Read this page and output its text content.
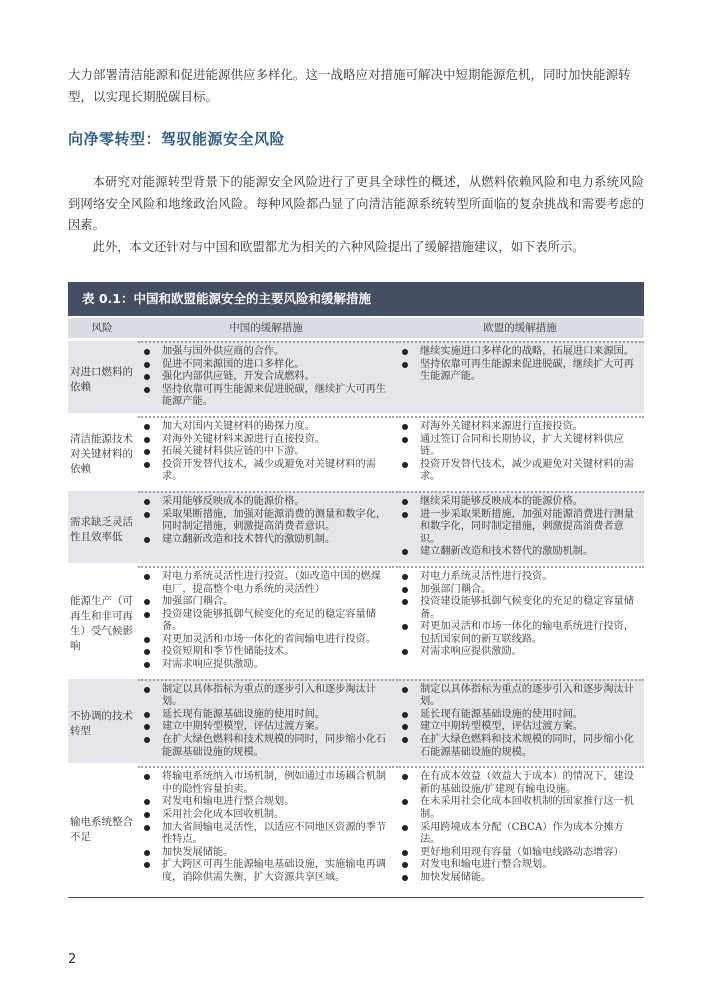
大力部署清洁能源和促进能源供应多样化。这一战略应对措施可解决中短期能源危机，同时加快能源转型，以实现长期脱碳目标。
向净零转型：驾驭能源安全风险

本研究对能源转型背景下的能源安全风险进行了更具全球性的概述，从燃料依赖风险和电力系统风险到网络安全风险和地缘政治风险。每种风险都凸显了向清洁能源系统转型所面临的复杂挑战和需要考虑的因素。

此外，本文还针对与中国和欧盟都尤为相关的六种风险提出了缓解措施建议，如下表所示。

表 0.1：中国和欧盟能源安全的主要风险和缓解措施
风险	中国的缓解措施	欧盟的缓解措施
对进口燃料的依赖
加强与国外供应商的合作。
促进不同来源国的进口多样化。
强化内部供应链，开发合成燃料。
坚持依靠可再生能源来促进脱碳，继续扩大可再生能源产能。
继续实施进口多样化的战略，拓展进口来源国。
坚持依靠可再生能源来促进脱碳，继续扩大可再生能源产能。
清洁能源技术对关键材料的依赖
加大对国内关键材料的勘探力度。
对海外关键材料来源进行直接投资。
拓展关键材料供应链的中下游。
投资开发替代技术，减少或避免对关键材料的需求。
对海外关键材料来源进行直接投资。
通过签订合同和长期协议，扩大关键材料供应链。
投资开发替代技术，减少或避免对关键材料的需求。
需求缺乏灵活性且效率低
采用能够反映成本的能源价格。
采取果断措施，加强对能源消费的测量和数字化，同时制定措施，刺激提高消费者意识。
建立翻新改造和技术替代的激励机制。
继续采用能够反映成本的能源价格。
进一步采取果断措施，加强对能源消费进行测量和数字化，同时制定措施，刺激提高消费者意识。
建立翻新改造和技术替代的激励机制。
能源生产（可再生和非可再生）受气候影响
对电力系统灵活性进行投资。（如改造中国的燃煤电厂，提高整个电力系统的灵活性）
加强部门耦合。
投资建设能够抵御气候变化的充足的稳定容量储备。
对更加灵活和市场一体化的省间输电进行投资。
投资短期和季节性储能技术。
对需求响应提供激励。
对电力系统灵活性进行投资。
加强部门耦合。
投资建设能够抵御气候变化的充足的稳定容量储备。
对更加灵活和市场一体化的输电系统进行投资，包括国家间的新互联线路。
对需求响应提供激励。
不协调的技术转型
制定以具体指标为重点的逐步引入和逐步淘汰计划。
延长现有能源基础设施的使用时间。
建立中期转型模型，评估过渡方案。
在扩大绿色燃料和技术规模的同时，同步缩小化石能源基础设施的规模。
制定以具体指标为重点的逐步引入和逐步淘汰计划。
延长现有能源基础设施的使用时间。
建立中期转型模型，评估过渡方案。
在扩大绿色燃料和技术规模的同时，同步缩小化石能源基础设施的规模。
输电系统整合不足
将输电系统纳入市场机制，例如通过市场耦合机制中的隐性容量拍卖。
对发电和输电进行整合规划。
采用社会化成本回收机制。
加大省间输电灵活性，以适应不同地区资源的季节性特点。
加快发展储能。
扩大跨区可再生能源输电基础设施，实施输电再调度，消除供需失衡，扩大资源共享区域。
在有成本效益（效益大于成本）的情况下，建设新的基础设施/扩建现有输电设施。
在未采用社会化成本回收机制的国家推行这一机制。
采用跨境成本分配（CBCA）作为成本分摊方法。
更好地利用现有容量（如输电线路动态增容）
对发电和输电进行整合规划。
加快发展储能。
2
